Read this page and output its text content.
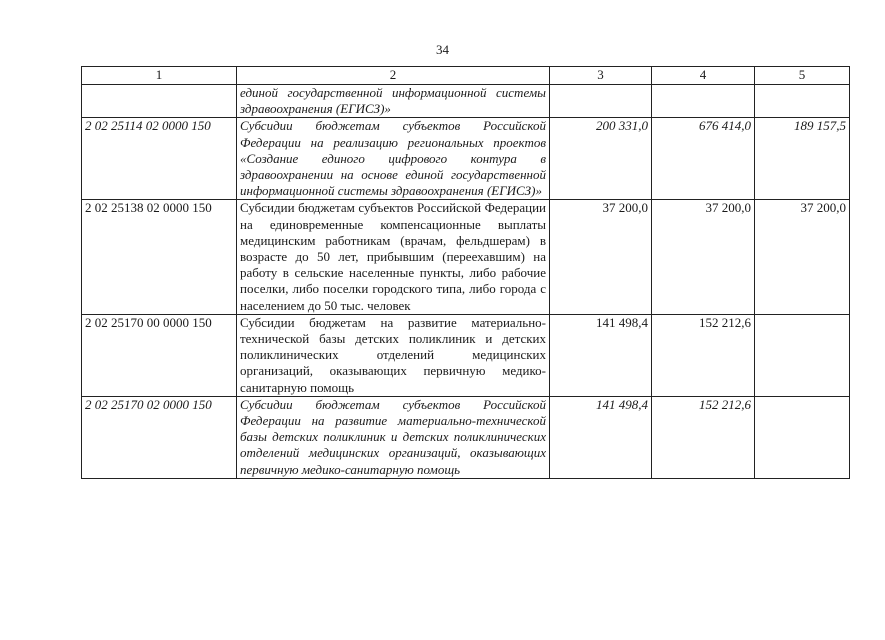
34
1	2	3	4	5
	единой государственной информационной системы здравоохранения (ЕГИСЗ)»			
2 02 25114 02 0000 150	Субсидии бюджетам субъектов Российской Федерации на реализацию региональных проектов «Создание единого цифрового контура в здравоохранении на основе единой государственной информационной системы здравоохранения (ЕГИСЗ)»	200 331,0	676 414,0	189 157,5
2 02 25138 02 0000 150	Субсидии бюджетам субъектов Российской Федерации на единовременные компенсационные выплаты медицинским работникам (врачам, фельдшерам) в возрасте до 50 лет, прибывшим (переехавшим) на работу в сельские населенные пункты, либо рабочие поселки, либо поселки городского типа, либо города с населением до 50 тыс. человек	37 200,0	37 200,0	37 200,0
2 02 25170 00 0000 150	Субсидии бюджетам на развитие материально-технической базы детских поликлиник и детских поликлинических отделений медицинских организаций, оказывающих первичную медико-санитарную помощь	141 498,4	152 212,6	
2 02 25170 02 0000 150	Субсидии бюджетам субъектов Российской Федерации на развитие материально-технической базы детских поликлиник и детских поликлинических отделений медицинских организаций, оказывающих первичную медико-санитарную помощь	141 498,4	152 212,6	
